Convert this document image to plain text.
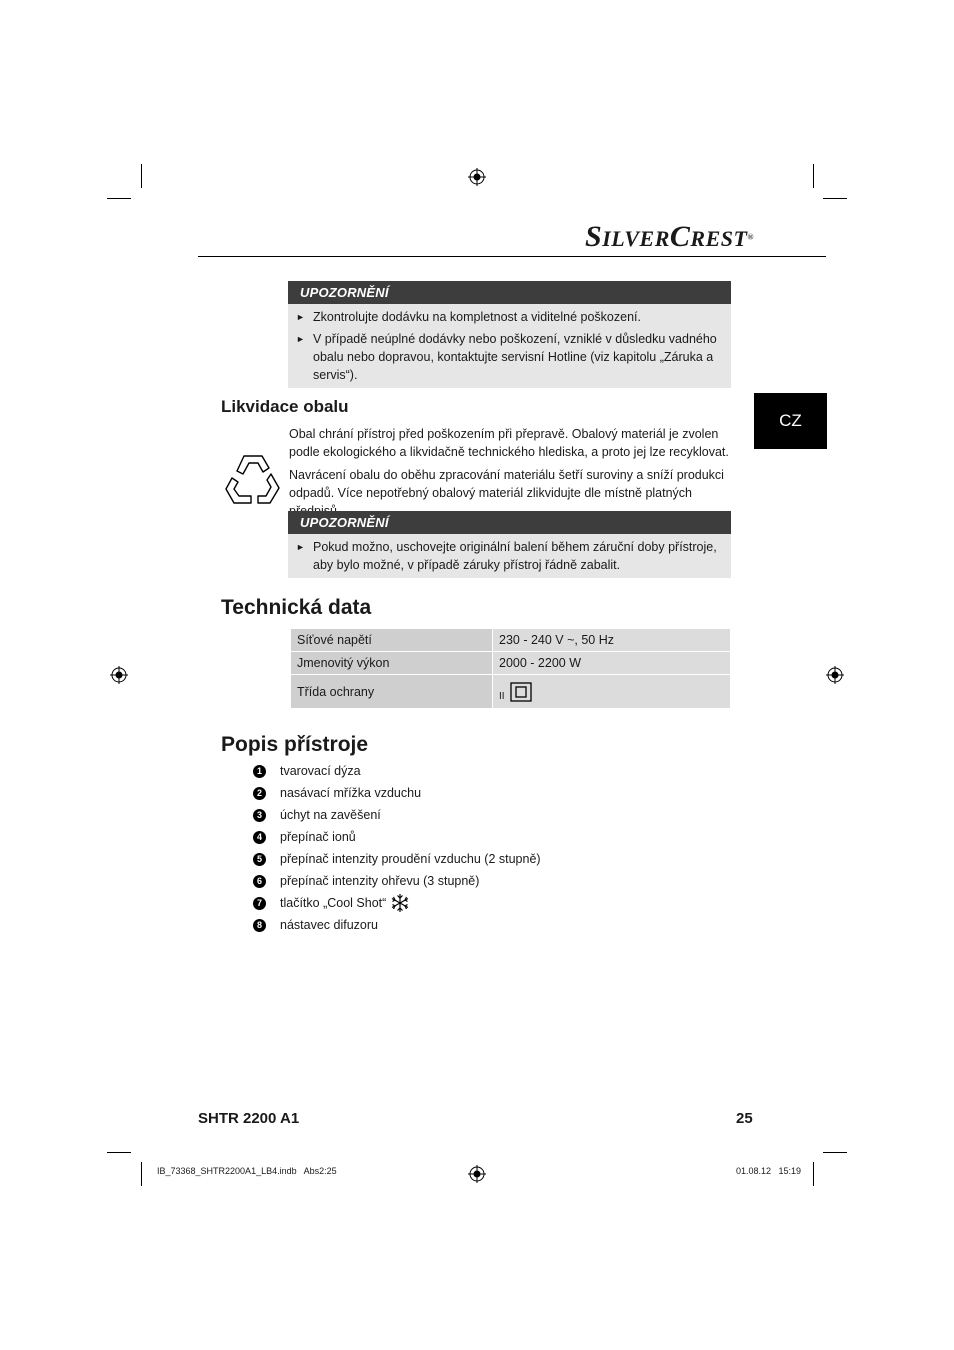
SILVERCREST®
CZ
UPOZORNĚNÍ
► Zkontrolujte dodávku na kompletnost a viditelné poškození.
► V případě neúplné dodávky nebo poškození, vzniklé v důsledku vadného obalu nebo dopravou, kontaktujte servisní Hotline (viz kapitolu „Záruka a servis“).
Likvidace obalu

Obal chrání přístroj před poškozením při přepravě. Obalový materiál je zvolen podle ekologického a likvidačně technického hlediska, a proto jej lze recyklovat.

Navrácení obalu do oběhu zpracování materiálu šetří suroviny a sníží produkci odpadů. Více nepotřebný obalový materiál zlikvidujte dle místně platných

UPOZORNĚNÍ
► Pokud možno, uschovejte originální balení během záruční doby přístroje, aby bylo možné, v případě záruky přístroj řádně zabalit.
Technická data
Síťové napětí	230 - 240 V ~, 50 Hz
Jmenovitý výkon	2000 - 2200 W
Třída ochrany	II
Popis přístroje
1	tvarovací dýza
2	nasávací mřížka vzduchu
3	úchyt na zavěšení
4	přepínač ionů
5	přepínač intenzity proudění vzduchu (2 stupně)
6	přepínač intenzity ohřevu (3 stupně)
7	tlačítko „Cool Shot“
8	nástavec difuzoru
SHTR 2200 A1	25
IB_73368_SHTR2200A1_LB4.indb   Abs2:25	01.08.12   15:19
